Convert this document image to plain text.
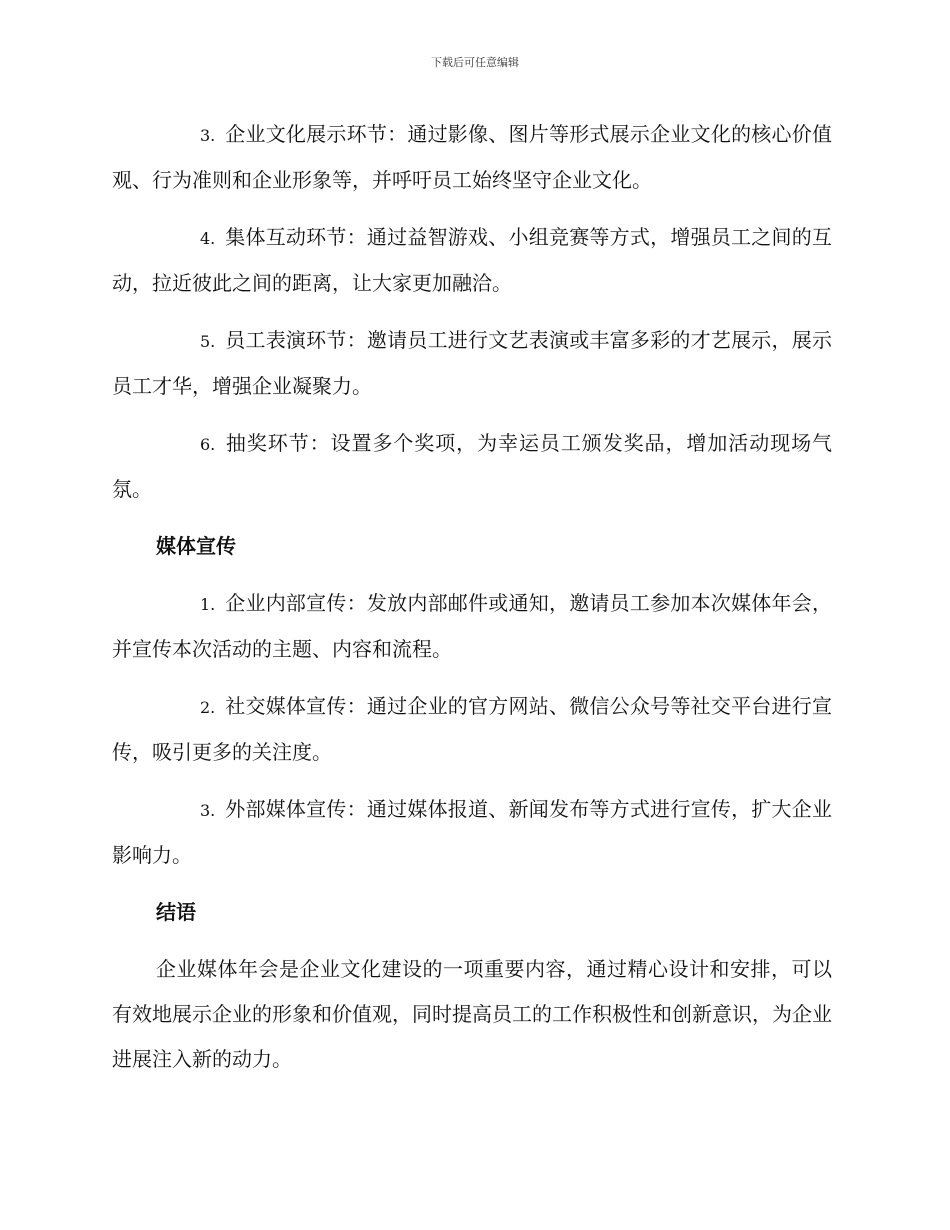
下载后可任意编辑

3. 企业文化展示环节：通过影像、图片等形式展示企业文化的核心价值观、行为准则和企业形象等，并呼吁员工始终坚守企业文化。

4. 集体互动环节：通过益智游戏、小组竞赛等方式，增强员工之间的互动，拉近彼此之间的距离，让大家更加融洽。

5. 员工表演环节：邀请员工进行文艺表演或丰富多彩的才艺展示，展示员工才华，增强企业凝聚力。

6. 抽奖环节：设置多个奖项，为幸运员工颁发奖品，增加活动现场气氛。

媒体宣传

1. 企业内部宣传：发放内部邮件或通知，邀请员工参加本次媒体年会，并宣传本次活动的主题、内容和流程。

2. 社交媒体宣传：通过企业的官方网站、微信公众号等社交平台进行宣传，吸引更多的关注度。

3. 外部媒体宣传：通过媒体报道、新闻发布等方式进行宣传，扩大企业影响力。

结语

企业媒体年会是企业文化建设的一项重要内容，通过精心设计和安排，可以有效地展示企业的形象和价值观，同时提高员工的工作积极性和创新意识，为企业进展注入新的动力。
